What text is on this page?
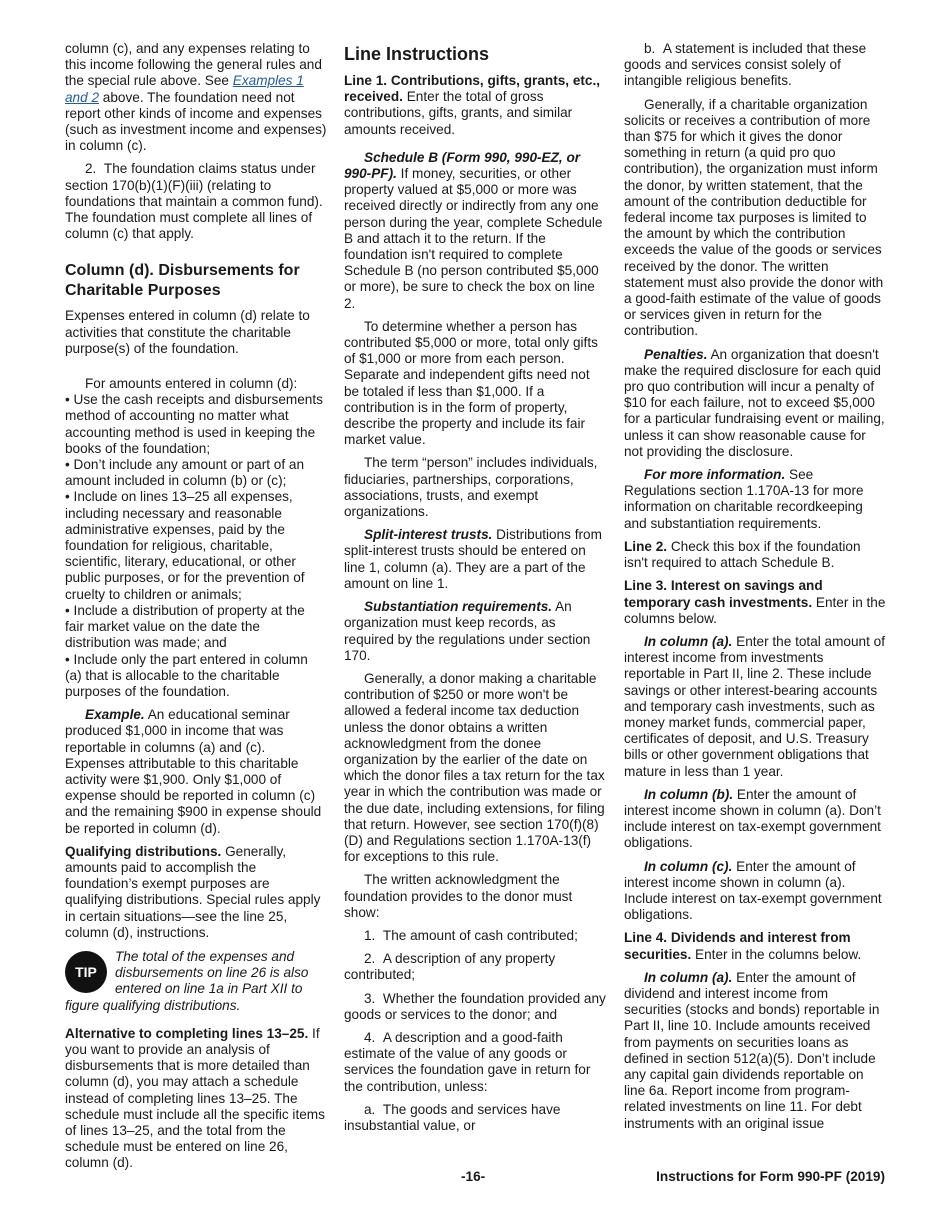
column (c), and any expenses relating to this income following the general rules and the special rule above. See Examples 1 and 2 above. The foundation need not report other kinds of income and expenses (such as investment income and expenses) in column (c).

2.  The foundation claims status under section 170(b)(1)(F)(iii) (relating to foundations that maintain a common fund). The foundation must complete all lines of column (c) that apply.

Column (d). Disbursements for Charitable Purposes

Expenses entered in column (d) relate to activities that constitute the charitable purpose(s) of the foundation.

For amounts entered in column (d):

• Use the cash receipts and disbursements method of accounting no matter what accounting method is used in keeping the books of the foundation;

• Don’t include any amount or part of an amount included in column (b) or (c);

• Include on lines 13–25 all expenses, including necessary and reasonable administrative expenses, paid by the foundation for religious, charitable, scientific, literary, educational, or other public purposes, or for the prevention of cruelty to children or animals;

• Include a distribution of property at the fair market value on the date the distribution was made; and

• Include only the part entered in column (a) that is allocable to the charitable purposes of the foundation.

Example. An educational seminar produced $1,000 in income that was reportable in columns (a) and (c). Expenses attributable to this charitable activity were $1,900. Only $1,000 of expense should be reported in column (c) and the remaining $900 in expense should be reported in column (d).

Qualifying distributions. Generally, amounts paid to accomplish the foundation’s exempt purposes are qualifying distributions. Special rules apply in certain situations—see the line 25, column (d), instructions.

TIP
The total of the expenses and disbursements on line 26 is also entered on line 1a in Part XII to figure qualifying distributions.

Alternative to completing lines 13–25. If you want to provide an analysis of disbursements that is more detailed than column (d), you may attach a schedule instead of completing lines 13–25. The schedule must include all the specific items of lines 13–25, and the total from the schedule must be entered on line 26, column (d).

Line Instructions

Line 1. Contributions, gifts, grants, etc., received. Enter the total of gross contributions, gifts, grants, and similar amounts received.

Schedule B (Form 990, 990-EZ, or 990-PF). If money, securities, or other property valued at $5,000 or more was received directly or indirectly from any one person during the year, complete Schedule B and attach it to the return. If the foundation isn't required to complete Schedule B (no person contributed $5,000 or more), be sure to check the box on line 2.

To determine whether a person has contributed $5,000 or more, total only gifts of $1,000 or more from each person. Separate and independent gifts need not be totaled if less than $1,000. If a contribution is in the form of property, describe the property and include its fair market value.

The term “person” includes individuals, fiduciaries, partnerships, corporations, associations, trusts, and exempt organizations.

Split-interest trusts. Distributions from split-interest trusts should be entered on line 1, column (a). They are a part of the amount on line 1.

Substantiation requirements. An organization must keep records, as required by the regulations under section 170.

Generally, a donor making a charitable contribution of $250 or more won't be allowed a federal income tax deduction unless the donor obtains a written acknowledgment from the donee organization by the earlier of the date on which the donor files a tax return for the tax year in which the contribution was made or the due date, including extensions, for filing that return. However, see section 170(f)(8)(D) and Regulations section 1.170A-13(f) for exceptions to this rule.

The written acknowledgment the foundation provides to the donor must show:

1.  The amount of cash contributed;

2.  A description of any property contributed;

3.  Whether the foundation provided any goods or services to the donor; and

4.  A description and a good-faith estimate of the value of any goods or services the foundation gave in return for the contribution, unless:

a.  The goods and services have insubstantial value, or

b.  A statement is included that these goods and services consist solely of intangible religious benefits.

Generally, if a charitable organization solicits or receives a contribution of more than $75 for which it gives the donor something in return (a quid pro quo contribution), the organization must inform the donor, by written statement, that the amount of the contribution deductible for federal income tax purposes is limited to the amount by which the contribution exceeds the value of the goods or services received by the donor. The written statement must also provide the donor with a good-faith estimate of the value of goods or services given in return for the contribution.

Penalties. An organization that doesn't make the required disclosure for each quid pro quo contribution will incur a penalty of $10 for each failure, not to exceed $5,000 for a particular fundraising event or mailing, unless it can show reasonable cause for not providing the disclosure.

For more information. See Regulations section 1.170A-13 for more information on charitable recordkeeping and substantiation requirements.

Line 2. Check this box if the foundation isn't required to attach Schedule B.

Line 3. Interest on savings and temporary cash investments. Enter in the columns below.

In column (a). Enter the total amount of interest income from investments reportable in Part II, line 2. These include savings or other interest-bearing accounts and temporary cash investments, such as money market funds, commercial paper, certificates of deposit, and U.S. Treasury bills or other government obligations that mature in less than 1 year.

In column (b). Enter the amount of interest income shown in column (a). Don’t include interest on tax-exempt government obligations.

In column (c). Enter the amount of interest income shown in column (a). Include interest on tax-exempt government obligations.

Line 4. Dividends and interest from securities. Enter in the columns below.

In column (a). Enter the amount of dividend and interest income from securities (stocks and bonds) reportable in Part II, line 10. Include amounts received from payments on securities loans as defined in section 512(a)(5). Don’t include any capital gain dividends reportable on line 6a. Report income from program-related investments on line 11. For debt instruments with an original issue

-16-	Instructions for Form 990-PF (2019)
